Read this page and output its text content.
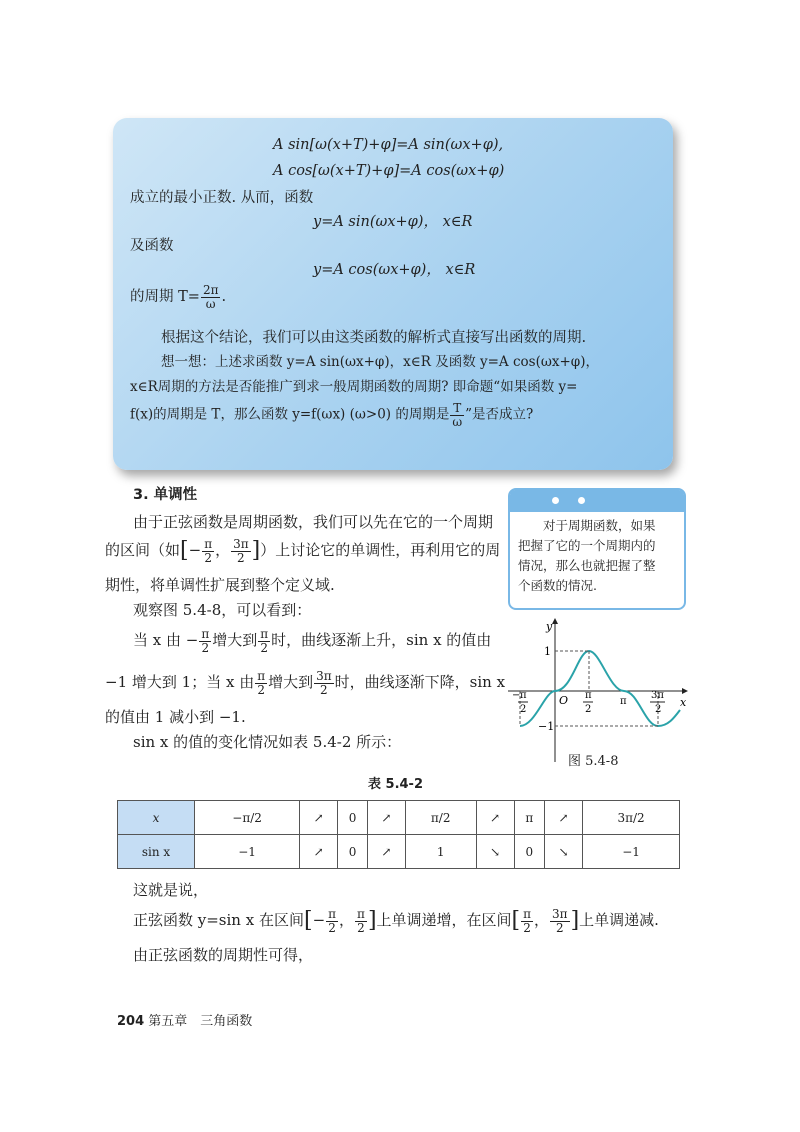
A sin[ω(x+T)+φ]=A sin(ωx+φ),
A cos[ω(x+T)+φ]=A cos(ωx+φ)
成立的最小正数. 从而，函数
y=A sin(ωx+φ)， x∈R
及函数
y=A cos(ωx+φ)， x∈R
的周期 $T= \frac{2\pi}{\omega}$ .
根据这个结论，我们可以由这类函数的解析式直接写出函数的周期.
想一想：上述求函数 y=A sin(ωx+φ)，x∈R 及函数 y=A cos(ωx+φ)，
x∈R周期的方法是否能推广到求一般周期函数的周期? 即命题“如果函数 y=
f(x)的周期是 T，那么函数 y=f(ωx) (ω>0) 的周期是 $\frac{T}{\omega}$ ”是否成立?
3. 单调性
由于正弦函数是周期函数，我们可以先在它的一个周期
的区间（如[− $\frac{\pi}{2}$ ， $\frac{3\pi}{2}$ ]）上讨论它的单调性，再利用它的周
期性，将单调性扩展到整个定义域.
观察图 5.4-8，可以看到：
当 x 由 − $\frac{\pi}{2}$ 增大到 $\frac{\pi}{2}$ 时，曲线逐渐上升，sin x 的值由
−1 增大到 1；当 x 由 $\frac{\pi}{2}$ 增大到 $\frac{3\pi}{2}$ 时，曲线逐渐下降，sin x
的值由 1 减小到 −1.
sin x 的值的变化情况如表 5.4-2 所示：
对于周期函数，如果
把握了它的一个周期内的
情况，那么也就把握了整
个函数的情况.
y
x
O
1
−1
− π
2
π
2
π
3π
2
图 5.4-8
表 5.4-2
x	−π/2	↗	0	↗	π/2	↗	π	↗	3π/2
sin x	−1	↗	0	↗	1	↘	0	↘	−1
这就是说，
正弦函数 y=sin x 在区间[− $\frac{\pi}{2}$ ， $\frac{\pi}{2}$ ]上单调递增，在区间[ $\frac{\pi}{2}$ ， $\frac{3\pi}{2}$ ]上单调递减.
由正弦函数的周期性可得，
204 第五章　三角函数
